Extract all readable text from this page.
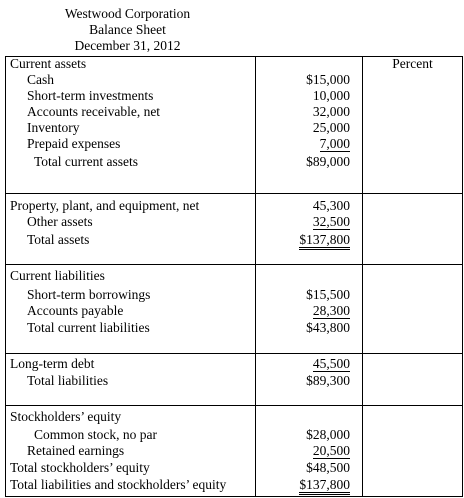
Westwood Corporation
Balance Sheet
December 31, 2012
Percent
Current assets
Cash	$15,000
Short-term investments	10,000
Accounts receivable, net	32,000
Inventory	25,000
Prepaid expenses	7,000
Total current assets	$89,000
Property, plant, and equipment, net	45,300
Other assets	32,500
Total assets	$137,800
Current liabilities
Short-term borrowings	$15,500
Accounts payable	28,300
Total current liabilities	$43,800
Long-term debt	45,500
Total liabilities	$89,300
Stockholders’ equity
Common stock, no par	$28,000
Retained earnings	20,500
Total stockholders’ equity	$48,500
Total liabilities and stockholders’ equity	$137,800
